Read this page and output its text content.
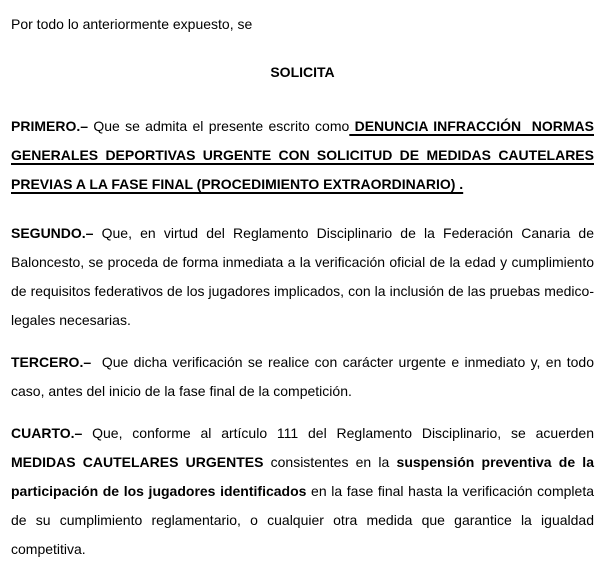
Por todo lo anteriormente expuesto, se

SOLICITA

PRIMERO.– Que se admita el presente escrito como DENUNCIA INFRACCIÓN  NORMAS GENERALES DEPORTIVAS URGENTE CON SOLICITUD DE MEDIDAS CAUTELARES PREVIAS A LA FASE FINAL (PROCEDIMIENTO EXTRAORDINARIO) .

SEGUNDO.– Que, en virtud del Reglamento Disciplinario de la Federación Canaria de Baloncesto, se proceda de forma inmediata a la verificación oficial de la edad y cumplimiento de requisitos federativos de los jugadores implicados, con la inclusión de las pruebas medico-legales necesarias.

TERCERO.–  Que dicha verificación se realice con carácter urgente e inmediato y, en todo caso, antes del inicio de la fase final de la competición.

CUARTO.– Que, conforme al artículo 111 del Reglamento Disciplinario, se acuerden MEDIDAS CAUTELARES URGENTES consistentes en la suspensión preventiva de la participación de los jugadores identificados en la fase final hasta la verificación completa de su cumplimiento reglamentario, o cualquier otra medida que garantice la igualdad competitiva.
